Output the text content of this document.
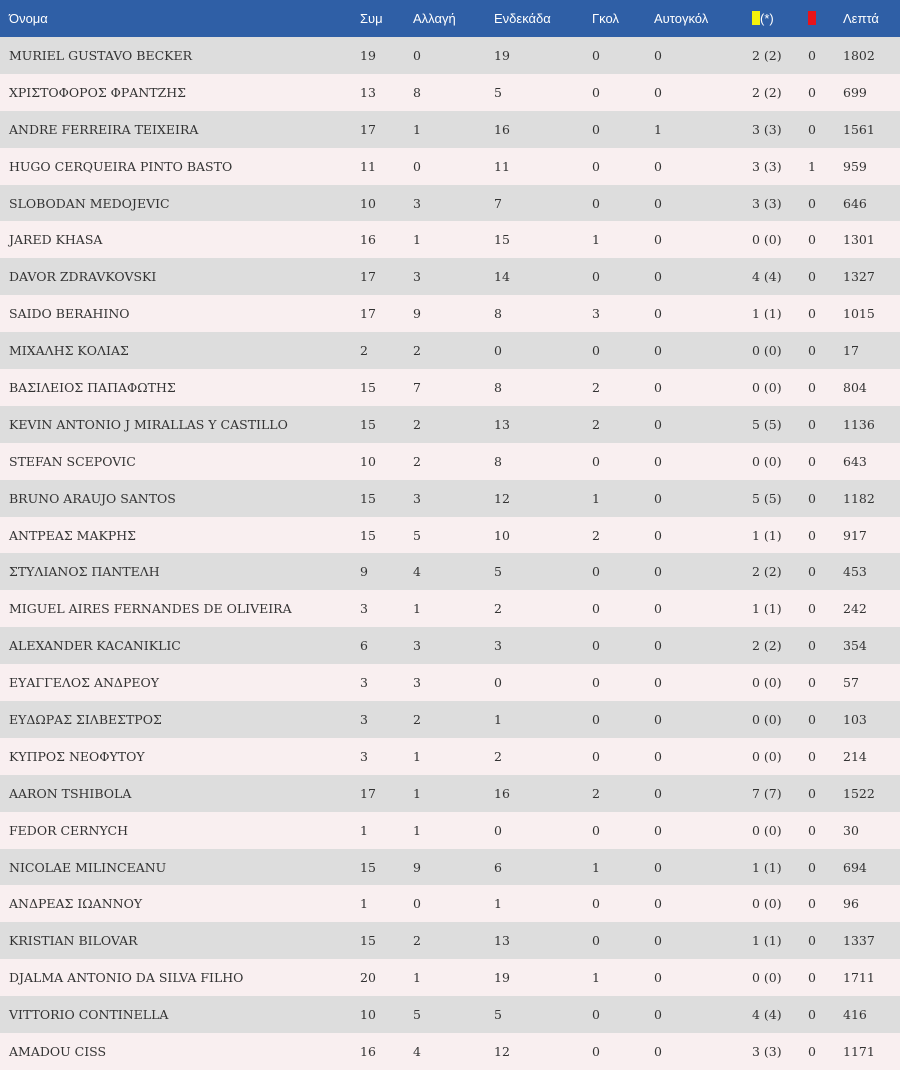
Όνομα	Συμ	Αλλαγή	Ενδεκάδα	Γκολ	Αυτογκόλ	(*)		Λεπτά
MURIEL GUSTAVO BECKER	19	0	19	0	0	2 (2)	0	1802
ΧΡΙΣΤΟΦΟΡΟΣ ΦΡΑΝΤΖΗΣ	13	8	5	0	0	2 (2)	0	699
ANDRE FERREIRA TEIXEIRA	17	1	16	0	1	3 (3)	0	1561
HUGO CERQUEIRA PINTO BASTO	11	0	11	0	0	3 (3)	1	959
SLOBODAN MEDOJEVIC	10	3	7	0	0	3 (3)	0	646
JARED KHASA	16	1	15	1	0	0 (0)	0	1301
DAVOR ZDRAVKOVSKI	17	3	14	0	0	4 (4)	0	1327
SAIDO BERAHINO	17	9	8	3	0	1 (1)	0	1015
ΜΙΧΑΛΗΣ ΚΟΛΙΑΣ	2	2	0	0	0	0 (0)	0	17
ΒΑΣΙΛΕΙΟΣ ΠΑΠΑΦΩΤΗΣ	15	7	8	2	0	0 (0)	0	804
KEVIN ANTONIO J MIRALLAS Y CASTILLO	15	2	13	2	0	5 (5)	0	1136
STEFAN SCEPOVIC	10	2	8	0	0	0 (0)	0	643
BRUNO ARAUJO SANTOS	15	3	12	1	0	5 (5)	0	1182
ΑΝΤΡΕΑΣ ΜΑΚΡΗΣ	15	5	10	2	0	1 (1)	0	917
ΣΤΥΛΙΑΝΟΣ ΠΑΝΤΕΛΗ	9	4	5	0	0	2 (2)	0	453
MIGUEL AIRES FERNANDES DE OLIVEIRA	3	1	2	0	0	1 (1)	0	242
ALEXANDER KACANIKLIC	6	3	3	0	0	2 (2)	0	354
ΕΥΑΓΓΕΛΟΣ ΑΝΔΡΕΟΥ	3	3	0	0	0	0 (0)	0	57
ΕΥΔΩΡΑΣ ΣΙΛΒΕΣΤΡΟΣ	3	2	1	0	0	0 (0)	0	103
ΚΥΠΡΟΣ ΝΕΟΦΥΤΟΥ	3	1	2	0	0	0 (0)	0	214
AARON TSHIBOLA	17	1	16	2	0	7 (7)	0	1522
FEDOR CERNYCH	1	1	0	0	0	0 (0)	0	30
NICOLAE MILINCEANU	15	9	6	1	0	1 (1)	0	694
ΑΝΔΡΕΑΣ ΙΩΑΝΝΟΥ	1	0	1	0	0	0 (0)	0	96
KRISTIAN BILOVAR	15	2	13	0	0	1 (1)	0	1337
DJALMA ANTONIO DA SILVA FILHO	20	1	19	1	0	0 (0)	0	1711
VITTORIO CONTINELLA	10	5	5	0	0	4 (4)	0	416
AMADOU CISS	16	4	12	0	0	3 (3)	0	1171
